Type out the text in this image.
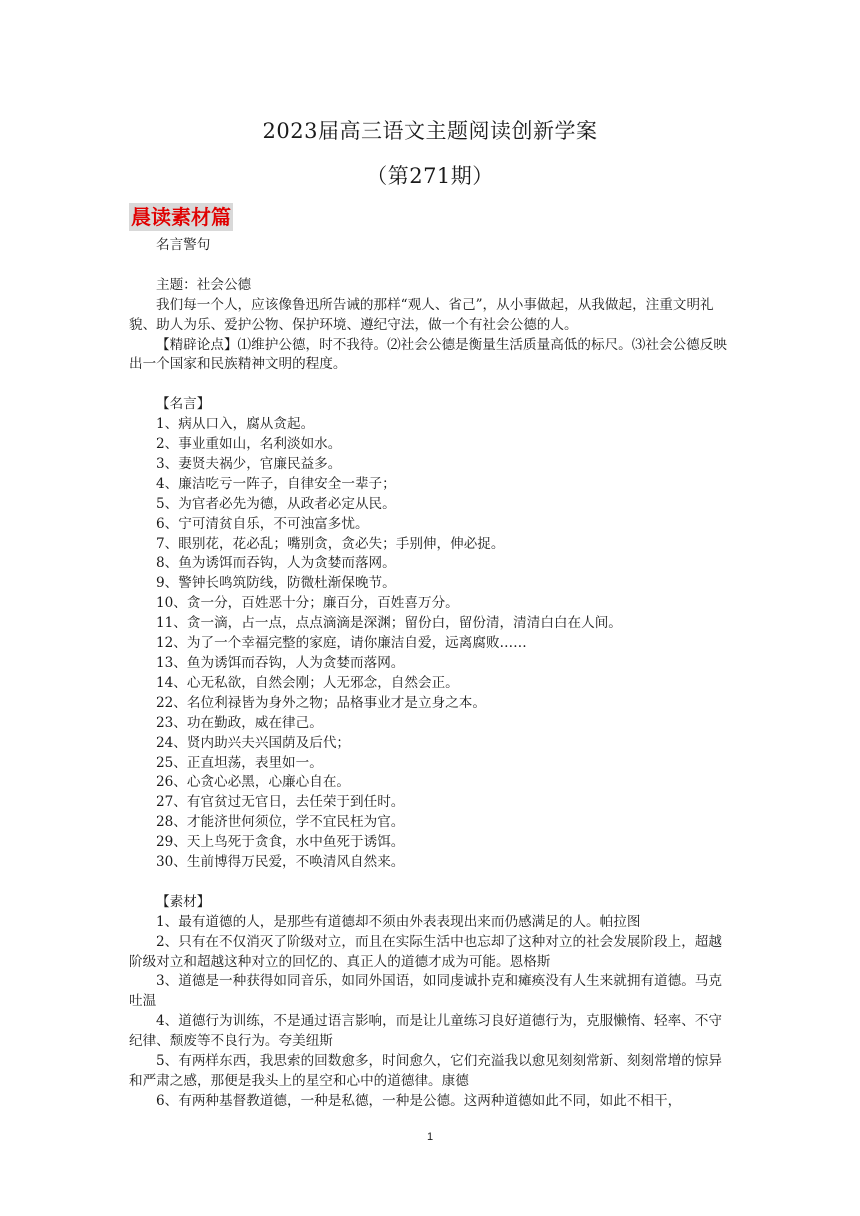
2023届高三语文主题阅读创新学案
（第271期）
晨读素材篇

名言警句

主题：社会公德

我们每一个人，应该像鲁迅所告诫的那样“观人、省己”，从小事做起，从我做起，注重文明礼貌、助人为乐、爱护公物、保护环境、遵纪守法，做一个有社会公德的人。

【精辟论点】⑴维护公德，时不我待。⑵社会公德是衡量生活质量高低的标尺。⑶社会公德反映出一个国家和民族精神文明的程度。

【名言】

1、病从口入，腐从贪起。

2、事业重如山，名利淡如水。

3、妻贤夫祸少，官廉民益多。

4、廉洁吃亏一阵子，自律安全一辈子；

5、为官者必先为德，从政者必定从民。

6、宁可清贫自乐，不可浊富多忧。

7、眼别花，花必乱；嘴别贪，贪必失；手别伸，伸必捉。

8、鱼为诱饵而吞钩，人为贪婪而落网。

9、警钟长鸣筑防线，防微杜渐保晚节。

10、贪一分，百姓恶十分；廉百分，百姓喜万分。

11、贪一滴，占一点，点点滴滴是深渊；留份白，留份清，清清白白在人间。

12、为了一个幸福完整的家庭，请你廉洁自爱，远离腐败……

13、鱼为诱饵而吞钩，人为贪婪而落网。

14、心无私欲，自然会刚；人无邪念，自然会正。

22、名位利禄皆为身外之物；品格事业才是立身之本。

23、功在勤政，威在律己。

24、贤内助兴夫兴国荫及后代；

25、正直坦荡，表里如一。

26、心贪心必黑，心廉心自在。

27、有官贫过无官日，去任荣于到任时。

28、才能济世何须位，学不宜民枉为官。

29、天上鸟死于贪食，水中鱼死于诱饵。

30、生前博得万民爱，不唤清风自然来。

【素材】

1、最有道德的人，是那些有道德却不须由外表表现出来而仍感满足的人。帕拉图

2、只有在不仅消灭了阶级对立，而且在实际生活中也忘却了这种对立的社会发展阶段上，超越阶级对立和超越这种对立的回忆的、真正人的道德才成为可能。恩格斯

3、道德是一种获得如同音乐，如同外国语，如同虔诚扑克和瘫痪没有人生来就拥有道德。马克吐温

4、道德行为训练，不是通过语言影响，而是让儿童练习良好道德行为，克服懒惰、轻率、不守纪律、颓废等不良行为。夸美纽斯

5、有两样东西，我思索的回数愈多，时间愈久，它们充溢我以愈见刻刻常新、刻刻常增的惊异和严肃之感，那便是我头上的星空和心中的道德律。康德

6、有两种基督教道德，一种是私德，一种是公德。这两种道德如此不同，如此不相干，

1
